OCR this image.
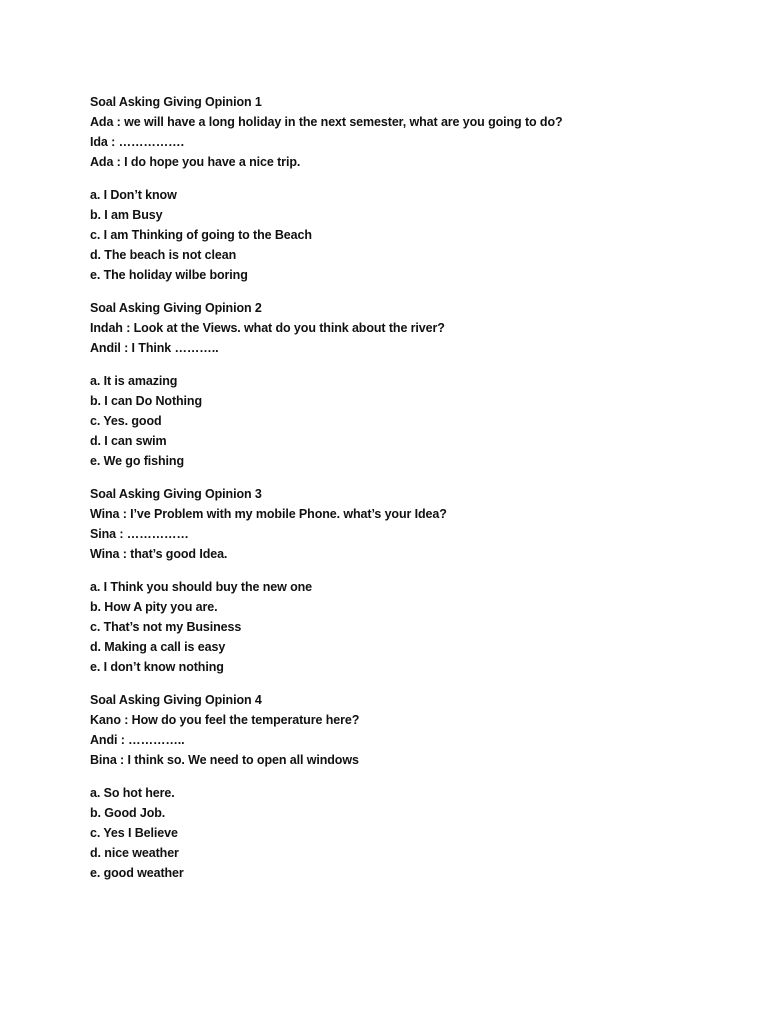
Soal Asking Giving Opinion 1
Ada : we will have a long holiday in the next semester, what are you going to do?
Ida : …………….
Ada : I do hope you have a nice trip.
a. I Don’t know
b. I am Busy
c. I am Thinking of going to the Beach
d. The beach is not clean
e. The holiday wilbe boring
Soal Asking Giving Opinion 2
Indah : Look at the Views. what do you think about the river?
Andil : I Think ………..
a. It is amazing
b. I can Do Nothing
c. Yes. good
d. I can swim
e. We go fishing
Soal Asking Giving Opinion 3
Wina : I’ve Problem with my mobile Phone. what’s your Idea?
Sina : ……………
Wina : that’s good Idea.
a. I Think you should buy the new one
b. How A pity you are.
c. That’s not my Business
d. Making a call is easy
e. I don’t know nothing
Soal Asking Giving Opinion 4
Kano : How do you feel the temperature here?
Andi : …………..
Bina : I think so. We need to open all windows
a. So hot here.
b. Good Job.
c. Yes I Believe
d. nice weather
e. good weather
